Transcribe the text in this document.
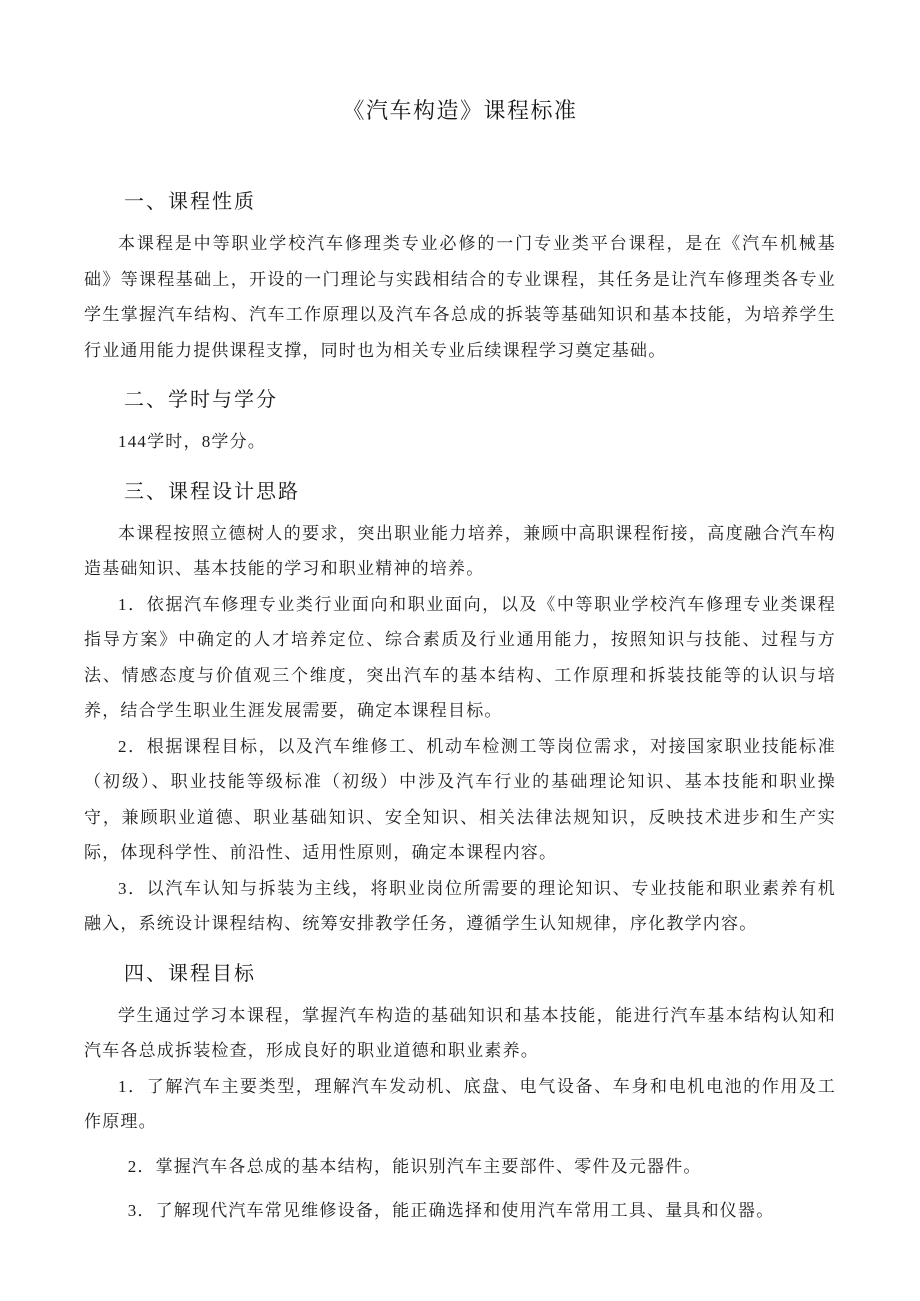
《汽车构造》课程标准
一、课程性质

本课程是中等职业学校汽车修理类专业必修的一门专业类平台课程，是在《汽车机械基础》等课程基础上，开设的一门理论与实践相结合的专业课程，其任务是让汽车修理类各专业学生掌握汽车结构、汽车工作原理以及汽车各总成的拆装等基础知识和基本技能，为培养学生行业通用能力提供课程支撑，同时也为相关专业后续课程学习奠定基础。

二、学时与学分

144学时，8学分。

三、课程设计思路

本课程按照立德树人的要求，突出职业能力培养，兼顾中高职课程衔接，高度融合汽车构造基础知识、基本技能的学习和职业精神的培养。

1．依据汽车修理专业类行业面向和职业面向，以及《中等职业学校汽车修理专业类课程指导方案》中确定的人才培养定位、综合素质及行业通用能力，按照知识与技能、过程与方法、情感态度与价值观三个维度，突出汽车的基本结构、工作原理和拆装技能等的认识与培养，结合学生职业生涯发展需要，确定本课程目标。

2．根据课程目标，以及汽车维修工、机动车检测工等岗位需求，对接国家职业技能标准（初级）、职业技能等级标准（初级）中涉及汽车行业的基础理论知识、基本技能和职业操守，兼顾职业道德、职业基础知识、安全知识、相关法律法规知识，反映技术进步和生产实际，体现科学性、前沿性、适用性原则，确定本课程内容。

3．以汽车认知与拆装为主线，将职业岗位所需要的理论知识、专业技能和职业素养有机融入，系统设计课程结构、统筹安排教学任务，遵循学生认知规律，序化教学内容。

四、课程目标

学生通过学习本课程，掌握汽车构造的基础知识和基本技能，能进行汽车基本结构认知和汽车各总成拆装检查，形成良好的职业道德和职业素养。

1．了解汽车主要类型，理解汽车发动机、底盘、电气设备、车身和电机电池的作用及工作原理。

 2．掌握汽车各总成的基本结构，能识别汽车主要部件、零件及元器件。

 3．了解现代汽车常见维修设备，能正确选择和使用汽车常用工具、量具和仪器。
